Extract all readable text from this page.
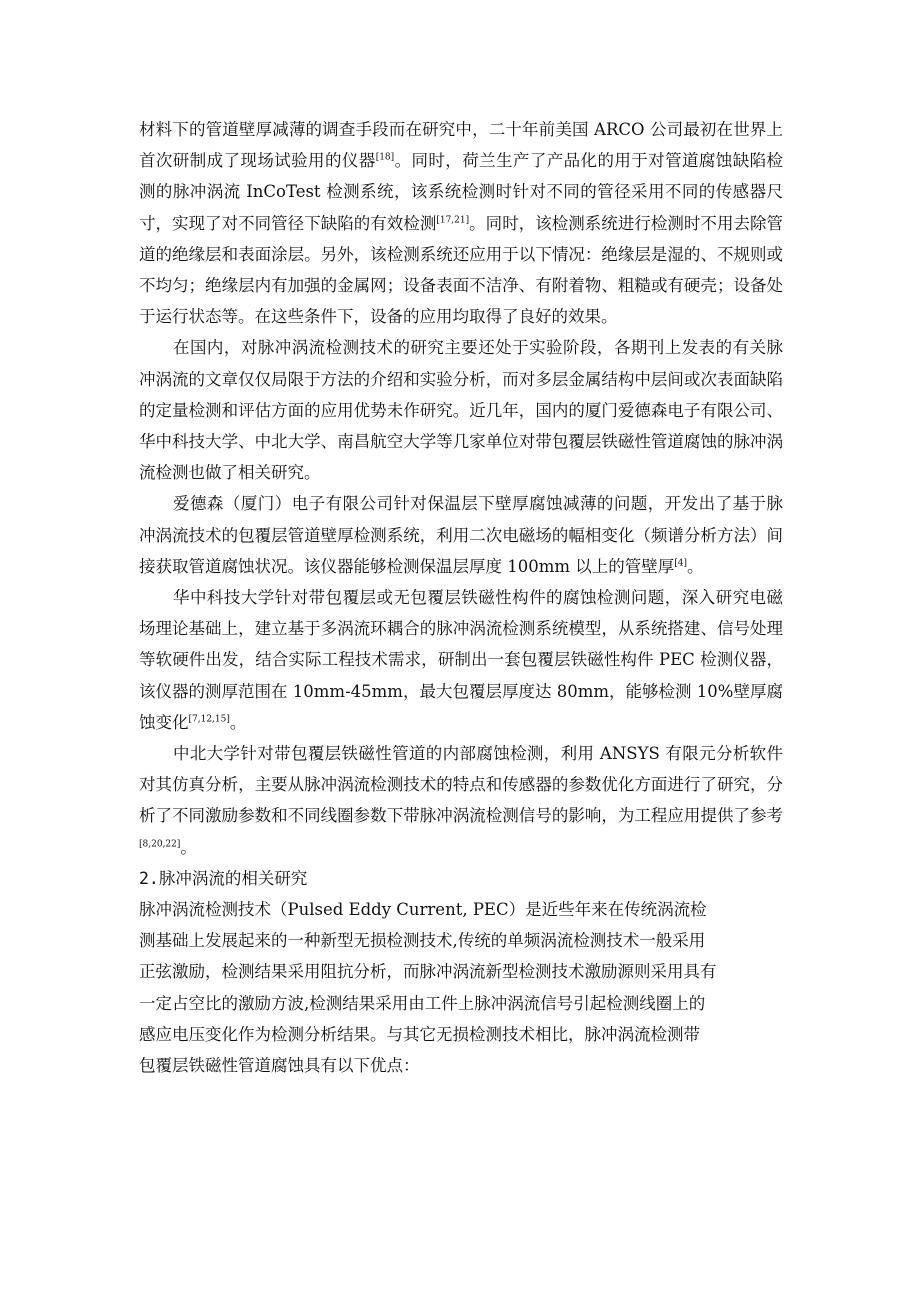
材料下的管道壁厚减薄的调查手段而在研究中，二十年前美国 ARCO 公司最初在世界上首次研制成了现场试验用的仪器[18]。同时，荷兰生产了产品化的用于对管道腐蚀缺陷检测的脉冲涡流 InCoTest 检测系统，该系统检测时针对不同的管径采用不同的传感器尺寸，实现了对不同管径下缺陷的有效检测[17,21]。同时，该检测系统进行检测时不用去除管道的绝缘层和表面涂层。另外，该检测系统还应用于以下情况：绝缘层是湿的、不规则或不均匀；绝缘层内有加强的金属网；设备表面不洁净、有附着物、粗糙或有硬壳；设备处于运行状态等。在这些条件下，设备的应用均取得了良好的效果。

在国内，对脉冲涡流检测技术的研究主要还处于实验阶段，各期刊上发表的有关脉冲涡流的文章仅仅局限于方法的介绍和实验分析，而对多层金属结构中层间或次表面缺陷的定量检测和评估方面的应用优势未作研究。近几年，国内的厦门爱德森电子有限公司、华中科技大学、中北大学、南昌航空大学等几家单位对带包覆层铁磁性管道腐蚀的脉冲涡流检测也做了相关研究。

爱德森（厦门）电子有限公司针对保温层下壁厚腐蚀减薄的问题，开发出了基于脉冲涡流技术的包覆层管道壁厚检测系统，利用二次电磁场的幅相变化（频谱分析方法）间接获取管道腐蚀状况。该仪器能够检测保温层厚度 100mm 以上的管壁厚[4]。

华中科技大学针对带包覆层或无包覆层铁磁性构件的腐蚀检测问题，深入研究电磁场理论基础上，建立基于多涡流环耦合的脉冲涡流检测系统模型，从系统搭建、信号处理等软硬件出发，结合实际工程技术需求，研制出一套包覆层铁磁性构件 PEC 检测仪器，该仪器的测厚范围在 10mm-45mm，最大包覆层厚度达 80mm，能够检测 10%壁厚腐蚀变化[7,12,15]。

中北大学针对带包覆层铁磁性管道的内部腐蚀检测，利用 ANSYS 有限元分析软件对其仿真分析，主要从脉冲涡流检测技术的特点和传感器的参数优化方面进行了研究，分析了不同激励参数和不同线圈参数下带脉冲涡流检测信号的影响，为工程应用提供了参考[8,20,22]。

2.脉冲涡流的相关研究

脉冲涡流检测技术（Pulsed Eddy Current, PEC）是近些年来在传统涡流检
测基础上发展起来的一种新型无损检测技术,传统的单频涡流检测技术一般采用
正弦激励，检测结果采用阻抗分析，而脉冲涡流新型检测技术激励源则采用具有
一定占空比的激励方波,检测结果采用由工件上脉冲涡流信号引起检测线圈上的
感应电压变化作为检测分析结果。与其它无损检测技术相比，脉冲涡流检测带
包覆层铁磁性管道腐蚀具有以下优点：
